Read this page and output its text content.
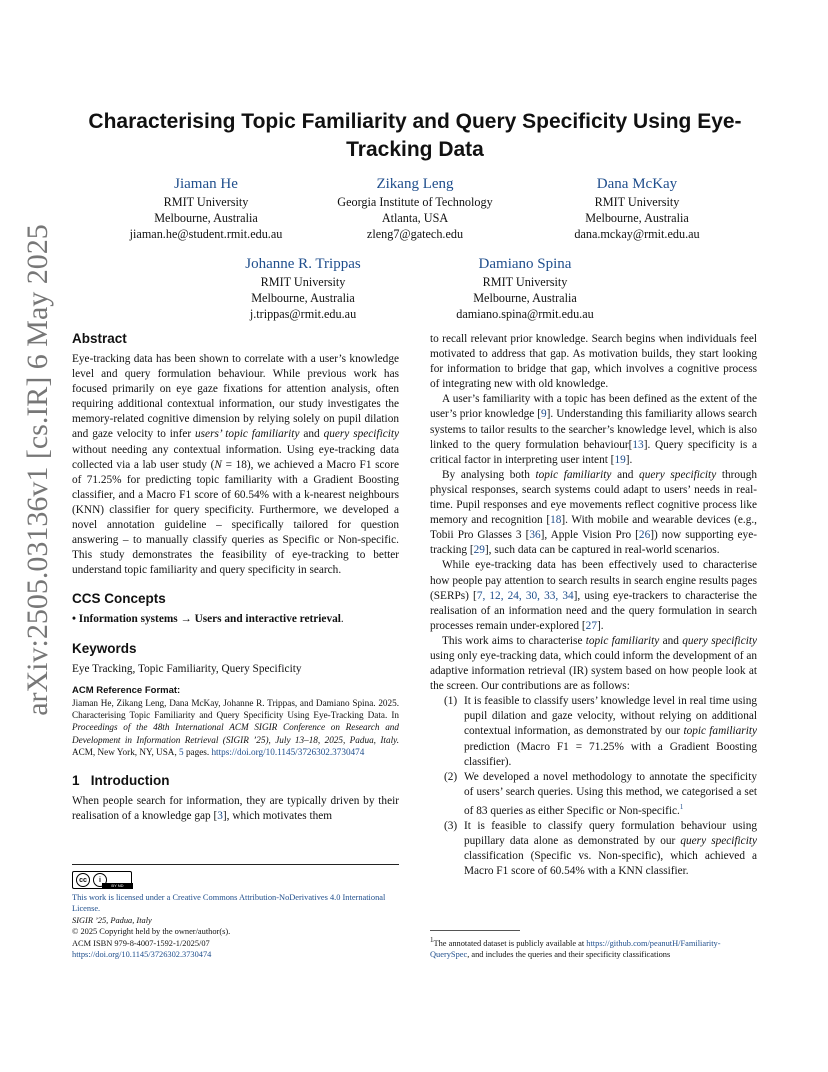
arXiv:2505.03136v1 [cs.IR] 6 May 2025
Characterising Topic Familiarity and Query Specificity Using Eye-Tracking Data
Jiaman He
RMIT University
Melbourne, Australia
jiaman.he@student.rmit.edu.au
Zikang Leng
Georgia Institute of Technology
Atlanta, USA
zleng7@gatech.edu
Dana McKay
RMIT University
Melbourne, Australia
dana.mckay@rmit.edu.au
Johanne R. Trippas
RMIT University
Melbourne, Australia
j.trippas@rmit.edu.au
Damiano Spina
RMIT University
Melbourne, Australia
damiano.spina@rmit.edu.au
Abstract

Eye-tracking data has been shown to correlate with a user’s knowledge level and query formulation behaviour. While previous work has focused primarily on eye gaze fixations for attention analysis, often requiring additional contextual information, our study investigates the memory-related cognitive dimension by relying solely on pupil dilation and gaze velocity to infer users’ topic familiarity and query specificity without needing any contextual information. Using eye-tracking data collected via a lab user study (N = 18), we achieved a Macro F1 score of 71.25% for predicting topic familiarity with a Gradient Boosting classifier, and a Macro F1 score of 60.54% with a k-nearest neighbours (KNN) classifier for query specificity. Furthermore, we developed a novel annotation guideline – specifically tailored for question answering – to manually classify queries as Specific or Non-specific. This study demonstrates the feasibility of eye-tracking to better understand topic familiarity and query specificity in search.

CCS Concepts

• Information systems → Users and interactive retrieval.

Keywords

Eye Tracking, Topic Familiarity, Query Specificity

ACM Reference Format:

Jiaman He, Zikang Leng, Dana McKay, Johanne R. Trippas, and Damiano Spina. 2025. Characterising Topic Familiarity and Query Specificity Using Eye-Tracking Data. In Proceedings of the 48th International ACM SIGIR Conference on Research and Development in Information Retrieval (SIGIR ’25), July 13–18, 2025, Padua, Italy. ACM, New York, NY, USA, 5 pages. https://doi.org/10.1145/3726302.3730474

1 Introduction

When people search for information, they are typically driven by their realisation of a knowledge gap [3], which motivates them

cc	i
BY ND
This work is licensed under a Creative Commons Attribution-NoDerivatives 4.0 International License.
SIGIR ’25, Padua, Italy
© 2025 Copyright held by the owner/author(s).
ACM ISBN 979-8-4007-1592-1/2025/07
https://doi.org/10.1145/3726302.3730474

to recall relevant prior knowledge. Search begins when individuals feel motivated to address that gap. As motivation builds, they start looking for information to bridge that gap, which involves a cognitive process of integrating new with old knowledge.

A user’s familiarity with a topic has been defined as the extent of the user’s prior knowledge [9]. Understanding this familiarity allows search systems to tailor results to the searcher’s knowledge level, which is also linked to the query formulation behaviour[13]. Query specificity is a critical factor in interpreting user intent [19].

By analysing both topic familiarity and query specificity through physical responses, search systems could adapt to users’ needs in real-time. Pupil responses and eye movements reflect cognitive process like memory and recognition [18]. With mobile and wearable devices (e.g., Tobii Pro Glasses 3 [36], Apple Vision Pro [26]) now supporting eye-tracking [29], such data can be captured in real-world scenarios.

While eye-tracking data has been effectively used to characterise how people pay attention to search results in search engine results pages (SERPs) [7, 12, 24, 30, 33, 34], using eye-trackers to characterise the realisation of an information need and the query formulation in search processes remain under-explored [27].

This work aims to characterise topic familiarity and query specificity using only eye-tracking data, which could inform the development of an adaptive information retrieval (IR) system based on how people look at the screen. Our contributions are as follows:

(1) It is feasible to classify users’ knowledge level in real time using pupil dilation and gaze velocity, without relying on additional contextual information, as demonstrated by our topic familiarity prediction (Macro F1 = 71.25% with a Gradient Boosting classifier).
(2) We developed a novel methodology to annotate the specificity of users’ search queries. Using this method, we categorised a set of 83 queries as either Specific or Non-specific.$^1$
(3) It is feasible to classify query formulation behaviour using pupillary data alone as demonstrated by our query specificity classification (Specific vs. Non-specific), which achieved a Macro F1 score of 60.54% with a KNN classifier.
$^1$The annotated dataset is publicly available at https://github.com/peanutH/Familiarity-QuerySpec, and includes the queries and their specificity classifications
